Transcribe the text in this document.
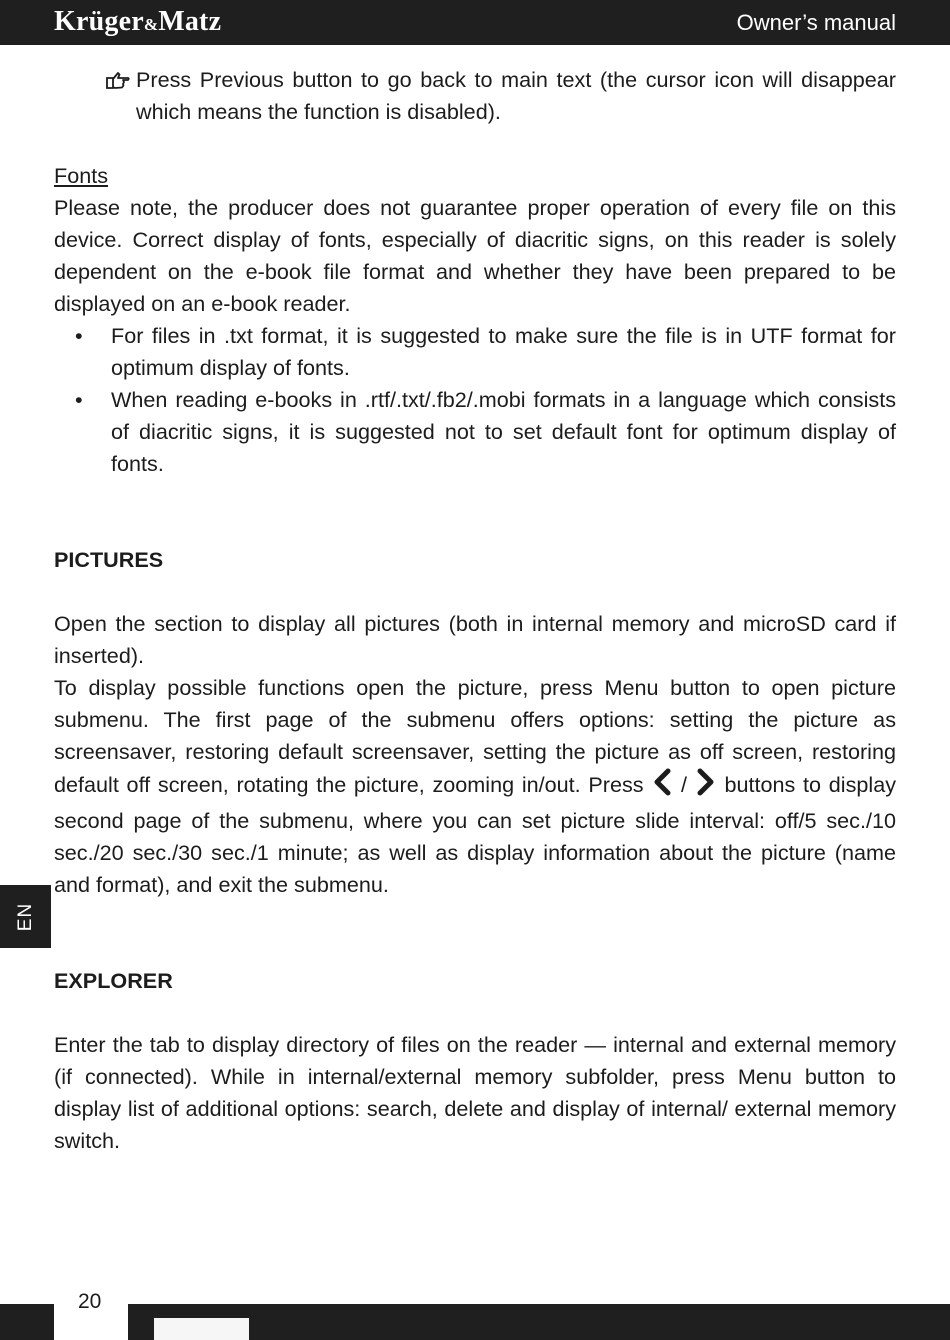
Krüger&Matz	Owner’s manual
Press Previous button to go back to main text (the cursor icon will disappear which means the function is disabled).

Fonts

Please note, the producer does not guarantee proper operation of every file on this device. Correct display of fonts, especially of diacritic signs, on this reader is solely dependent on the e-book file format and whether they have been prepared to be displayed on an e-book reader.

• For files in .txt format, it is suggested to make sure the file is in UTF format for optimum display of fonts.
• When reading e-books in .rtf/.txt/.fb2/.mobi formats in a language which consists of diacritic signs, it is suggested not to set default font for optimum display of fonts.

PICTURES

Open the section to display all pictures (both in internal memory and microSD card if inserted).

To display possible functions open the picture, press Menu button to open picture submenu. The first page of the submenu offers options: setting the picture as screensaver, restoring default screensaver, setting the picture as off screen, restoring default off screen, rotating the picture, zooming in/out. Press  /  buttons to display second page of the submenu, where you can set picture slide interval: off/5 sec./10 sec./20 sec./30 sec./1 minute; as well as display information about the picture (name and format), and exit the submenu.

EXPLORER

Enter the tab to display directory of files on the reader — internal and external memory (if connected). While in internal/external memory subfolder, press Menu button to display list of additional options: search, delete and display of internal/ external memory switch.

EN
20
